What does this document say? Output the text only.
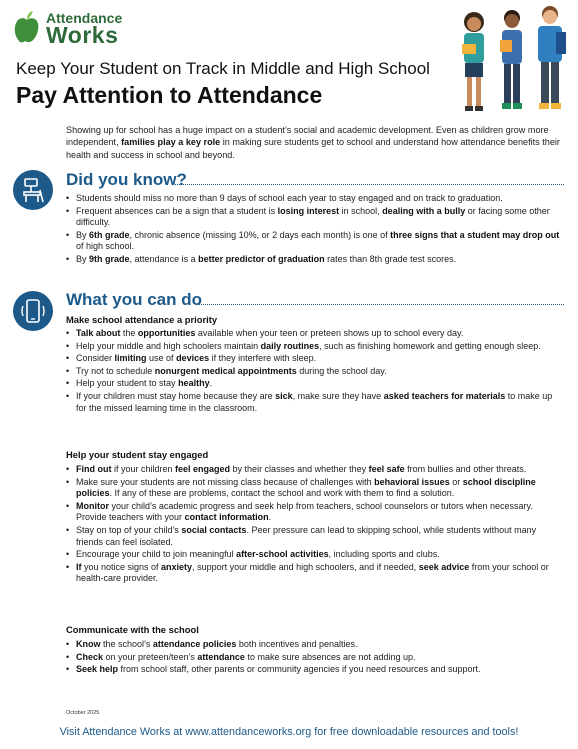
Attendance
Works
Keep Your Student on Track in Middle and High School
Pay Attention to Attendance

Showing up for school has a huge impact on a student’s social and academic development. Even as children grow more independent, families play a key role in making sure students get to school and understand how attendance benefits their health and success in school and beyond.

Did you know?
• Students should miss no more than 9 days of school each year to stay engaged and on track to graduation.
• Frequent absences can be a sign that a student is losing interest in school, dealing with a bully or facing some other difficulty.
• By 6th grade, chronic absence (missing 10%, or 2 days each month) is one of three signs that a student may drop out of high school.
• By 9th grade, attendance is a better predictor of graduation rates than 8th grade test scores.
What you can do
Make school attendance a priority
• Talk about the opportunities available when your teen or preteen shows up to school every day.
• Help your middle and high schoolers maintain daily routines, such as finishing homework and getting enough sleep.
• Consider limiting use of devices if they interfere with sleep.
• Try not to schedule nonurgent medical appointments during the school day.
• Help your student to stay healthy.
• If your children must stay home because they are sick, make sure they have asked teachers for materials to make up for the missed learning time in the classroom.
Help your student stay engaged
• Find out if your children feel engaged by their classes and whether they feel safe from bullies and other threats.
• Make sure your students are not missing class because of challenges with behavioral issues or school discipline policies. If any of these are problems, contact the school and work with them to find a solution.
• Monitor your child’s academic progress and seek help from teachers, school counselors or tutors when necessary. Provide teachers with your contact information.
• Stay on top of your child’s social contacts. Peer pressure can lead to skipping school, while students without many friends can feel isolated.
• Encourage your child to join meaningful after-school activities, including sports and clubs.
• If you notice signs of anxiety, support your middle and high schoolers, and if needed, seek advice from your school or health-care provider.
Communicate with the school
• Know the school’s attendance policies both incentives and penalties.
• Check on your preteen/teen’s attendance to make sure absences are not adding up.
• Seek help from school staff, other parents or community agencies if you need resources and support.
October 2025
Visit Attendance Works at www.attendanceworks.org for free downloadable resources and tools!
